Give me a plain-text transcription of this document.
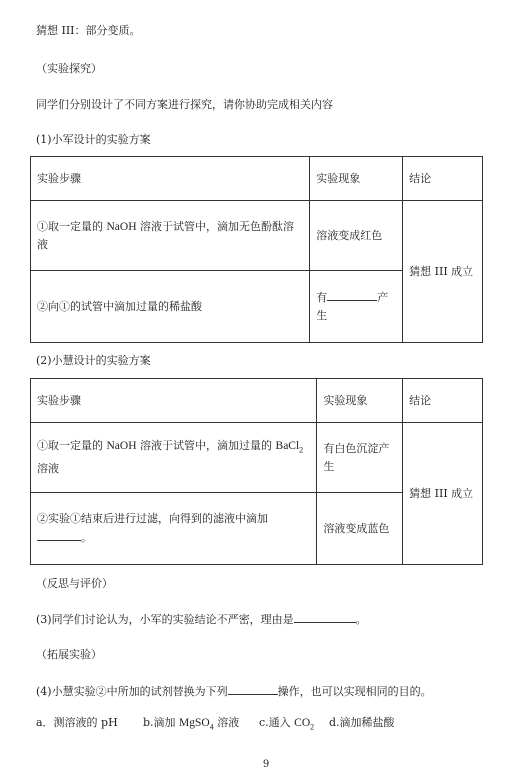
猜想 III：部分变质。
（实验探究）
同学们分别设计了不同方案进行探究，请你协助完成相关内容
(1)小军设计的实验方案
实验步骤	实验现象	结论
①取一定量的 NaOH 溶液于试管中，滴加无色酚酞溶
液	溶液变成红色	猜想 III 成立
②向①的试管中滴加过量的稀盐酸	有 产
生	
(2)小慧设计的实验方案
实验步骤	实验现象	结论
①取一定量的 NaOH 溶液于试管中，滴加过量的 BaCl$_2$
溶液	有白色沉淀产
生	猜想 III 成立
②实验①结束后进行过滤，向得到的滤液中滴加
。	溶液变成蓝色	
（反思与评价）
(3)同学们讨论认为，小军的实验结论不严密，理由是	。
（拓展实验）
(4)小慧实验②中所加的试剂替换为下列	操作，也可以实现相同的目的。
a．测溶液的 pH b.滴加 MgSO$_4$ 溶液 c.通入 $CO_2$ d.滴加稀盐酸
9
